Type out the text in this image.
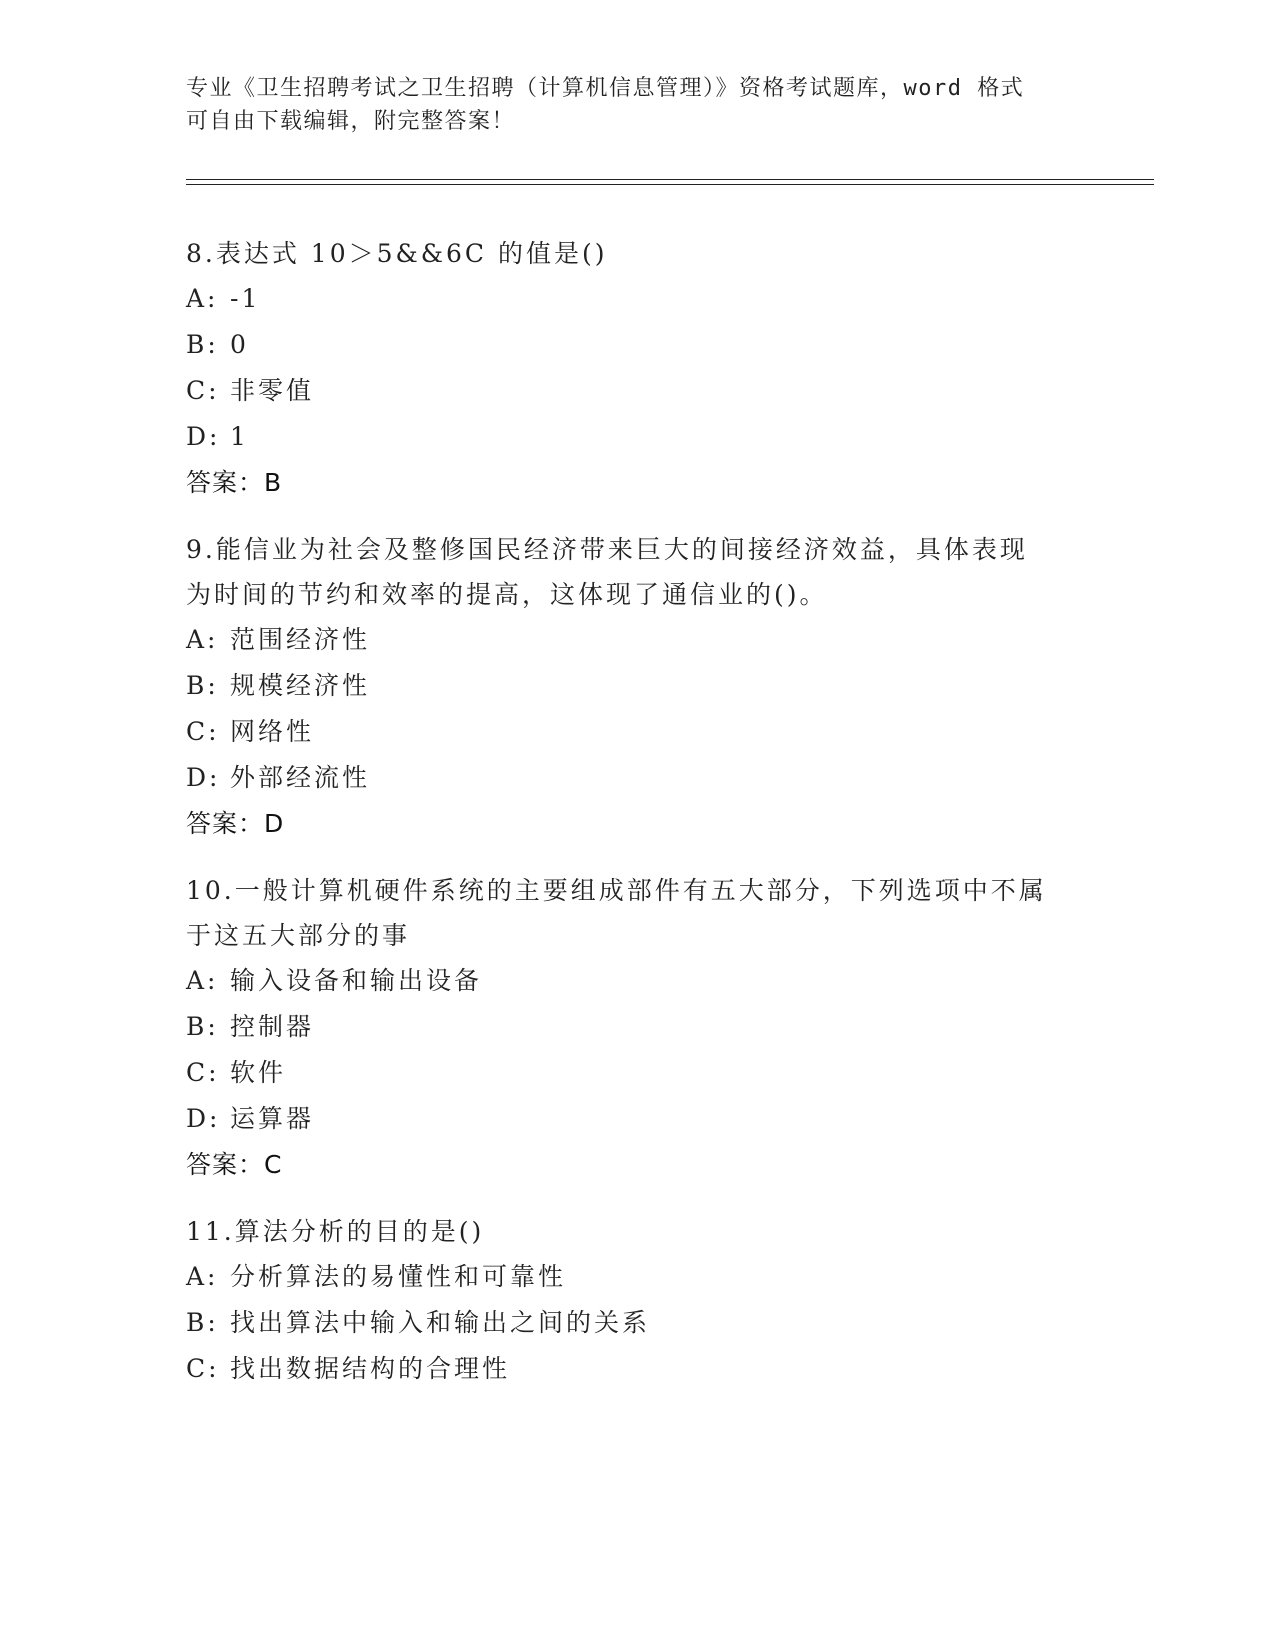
专业《卫生招聘考试之卫生招聘（计算机信息管理）》资格考试题库，word 格式
可自由下载编辑，附完整答案！
8.表达式 10＞5&&6C 的值是()
A: -1
B: 0
C: 非零值
D: 1
答案：B
9.能信业为社会及整修国民经济带来巨大的间接经济效益，具体表现
为时间的节约和效率的提高，这体现了通信业的()。
A: 范围经济性
B: 规模经济性
C: 网络性
D: 外部经流性
答案：D
10.一般计算机硬件系统的主要组成部件有五大部分，下列选项中不属
于这五大部分的事
A: 输入设备和输出设备
B: 控制器
C: 软件
D: 运算器
答案：C
11.算法分析的目的是()
A: 分析算法的易懂性和可靠性
B: 找出算法中输入和输出之间的关系
C: 找出数据结构的合理性
